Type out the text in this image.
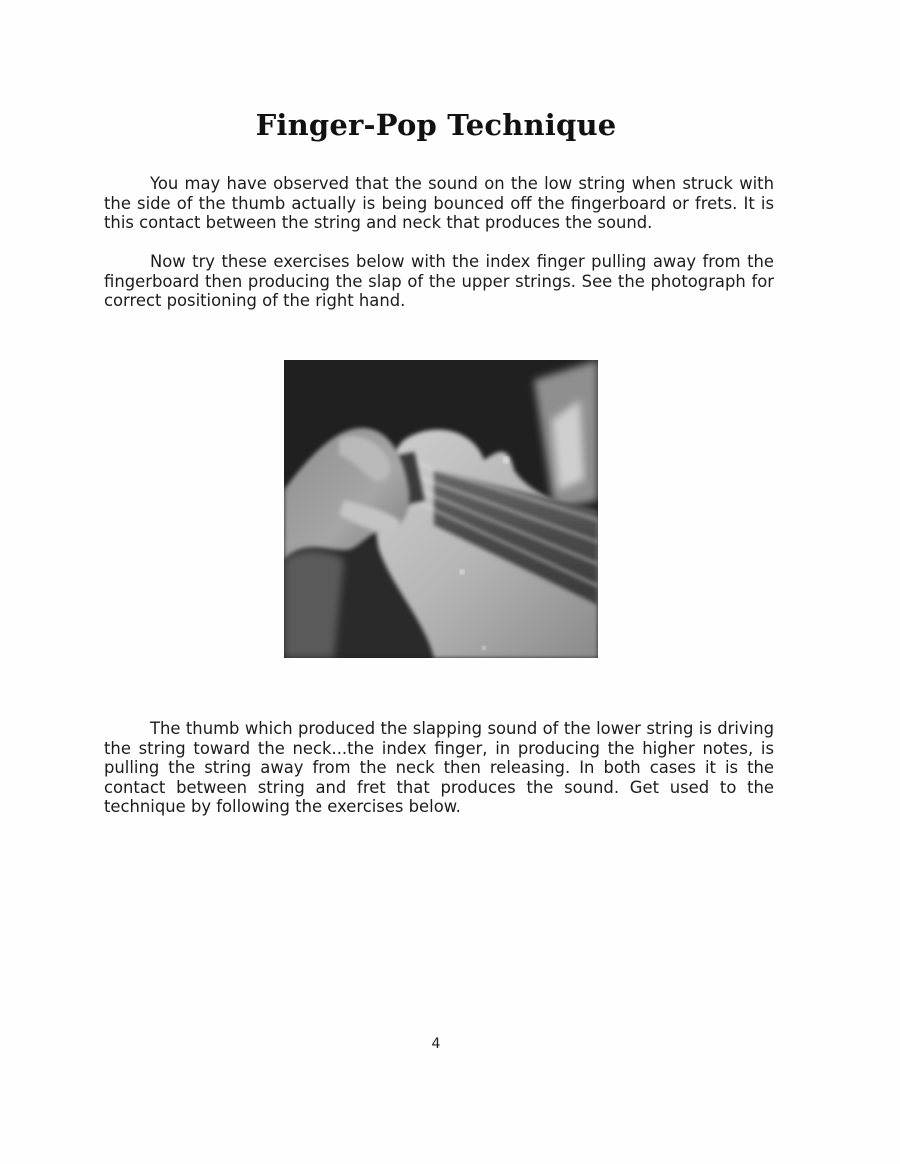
Finger-Pop Technique

You may have observed that the sound on the low string when struck with the side of the thumb actually is being bounced off the fingerboard or frets. It is this contact between the string and neck that produces the sound.

Now try these exercises below with the index finger pulling away from the fingerboard then producing the slap of the upper strings. See the photograph for correct positioning of the right hand.

The thumb which produced the slapping sound of the lower string is driving the string toward the neck...the index finger, in producing the higher notes, is pulling the string away from the neck then releasing. In both cases it is the contact between string and fret that produces the sound. Get used to the technique by following the exercises below.

4
